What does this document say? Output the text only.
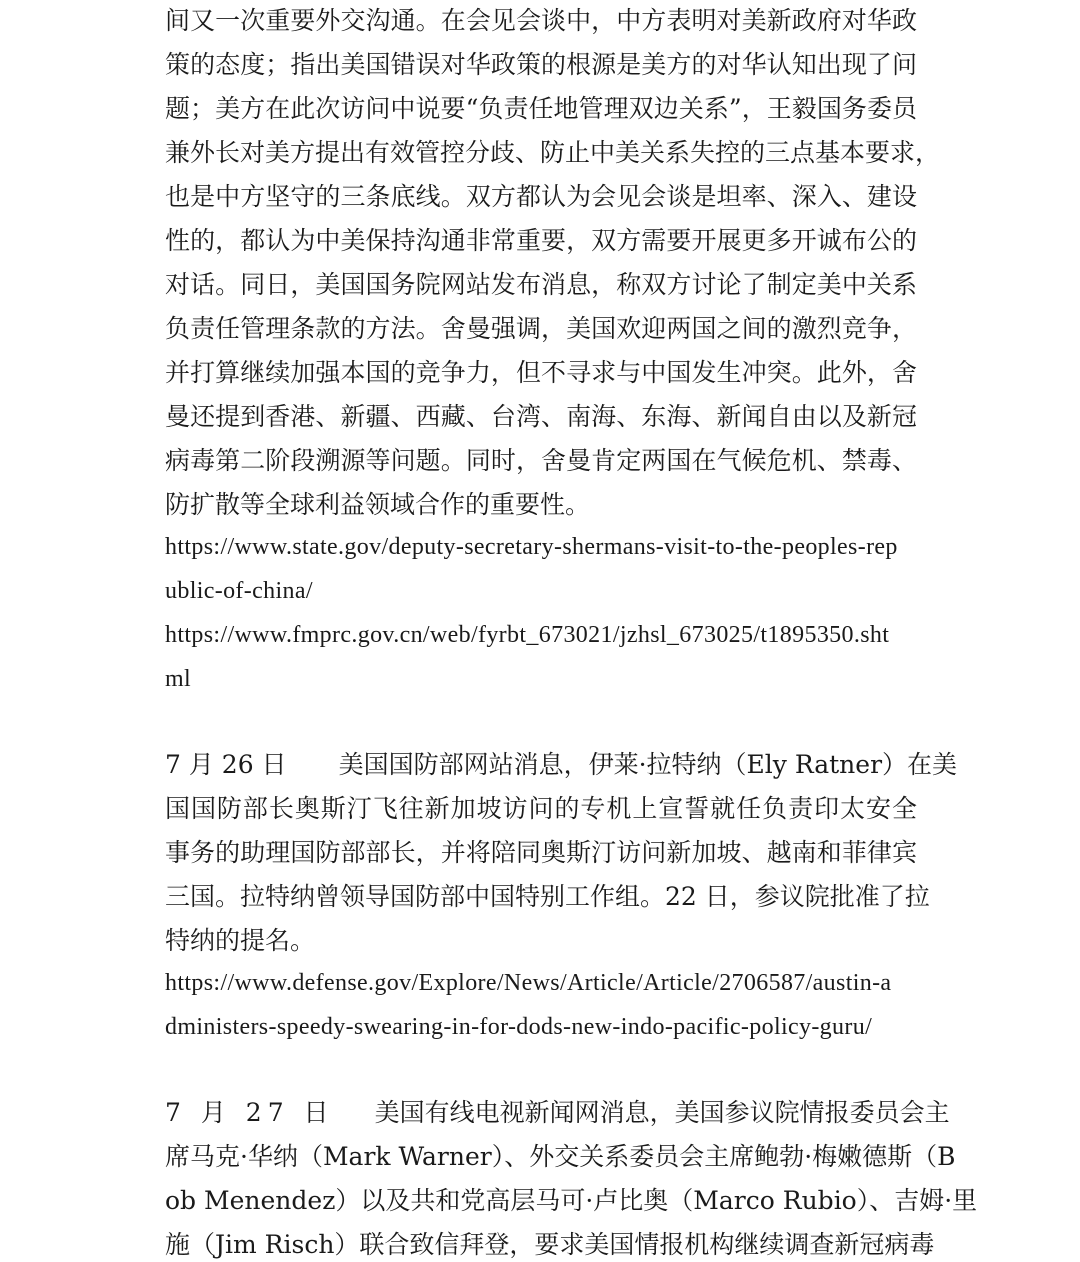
间又一次重要外交沟通。在会见会谈中，中方表明对美新政府对华政
策的态度；指出美国错误对华政策的根源是美方的对华认知出现了问
题；美方在此次访问中说要“负责任地管理双边关系”，王毅国务委员
兼外长对美方提出有效管控分歧、防止中美关系失控的三点基本要求，
也是中方坚守的三条底线。双方都认为会见会谈是坦率、深入、建设
性的，都认为中美保持沟通非常重要，双方需要开展更多开诚布公的
对话。同日，美国国务院网站发布消息，称双方讨论了制定美中关系
负责任管理条款的方法。舍曼强调，美国欢迎两国之间的激烈竞争，
并打算继续加强本国的竞争力，但不寻求与中国发生冲突。此外，舍
曼还提到香港、新疆、西藏、台湾、南海、东海、新闻自由以及新冠
病毒第二阶段溯源等问题。同时，舍曼肯定两国在气候危机、禁毒、
防扩散等全球利益领域合作的重要性。
https://www.state.gov/deputy-secretary-shermans-visit-to-the-peoples-rep
ublic-of-china/
https://www.fmprc.gov.cn/web/fyrbt_673021/jzhsl_673025/t1895350.sht
ml
7 月 26 日 美国国防部网站消息，伊莱·拉特纳（Ely Ratner）在美
国国防部长奥斯汀飞往新加坡访问的专机上宣誓就任负责印太安全
事务的助理国防部部长，并将陪同奥斯汀访问新加坡、越南和菲律宾
三国。拉特纳曾领导国防部中国特别工作组。22 日，参议院批准了拉
特纳的提名。
https://www.defense.gov/Explore/News/Article/Article/2706587/austin-a
dministers-speedy-swearing-in-for-dods-new-indo-pacific-policy-guru/
7 月 27 日 美国有线电视新闻网消息，美国参议院情报委员会主
席马克·华纳（Mark Warner）、外交关系委员会主席鲍勃·梅嫩德斯（B
ob Menendez）以及共和党高层马可·卢比奥（Marco Rubio）、吉姆·里
施（Jim Risch）联合致信拜登，要求美国情报机构继续调查新冠病毒
